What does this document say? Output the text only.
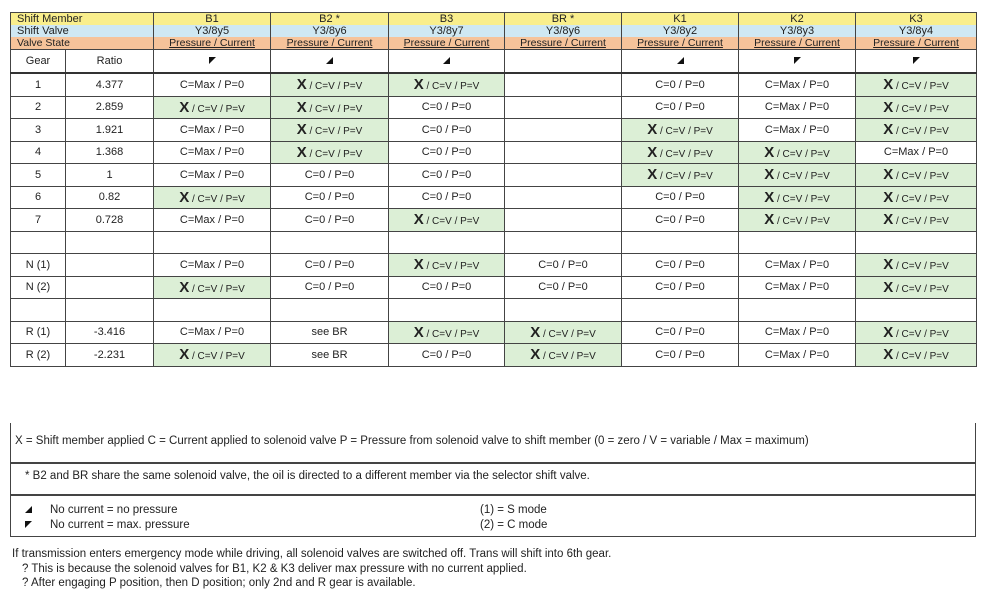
Shift Member		B1	B2 *	B3	BR *	K1	K2	K3
Shift Valve		Y3/8y5	Y3/8y6	Y3/8y7	Y3/8y6	Y3/8y2	Y3/8y3	Y3/8y4
Valve State		Pressure / Current	Pressure / Current	Pressure / Current	Pressure / Current	Pressure / Current	Pressure / Current	Pressure / Current
Gear	Ratio							
1	4.377	C=Max / P=0	X / C=V / P=V	X / C=V / P=V		C=0 / P=0	C=Max / P=0	X / C=V / P=V
2	2.859	X / C=V / P=V	X / C=V / P=V	C=0 / P=0		C=0 / P=0	C=Max / P=0	X / C=V / P=V
3	1.921	C=Max / P=0	X / C=V / P=V	C=0 / P=0		X / C=V / P=V	C=Max / P=0	X / C=V / P=V
4	1.368	C=Max / P=0	X / C=V / P=V	C=0 / P=0		X / C=V / P=V	X / C=V / P=V	C=Max / P=0
5	1	C=Max / P=0	C=0 / P=0	C=0 / P=0		X / C=V / P=V	X / C=V / P=V	X / C=V / P=V
6	0.82	X / C=V / P=V	C=0 / P=0	C=0 / P=0		C=0 / P=0	X / C=V / P=V	X / C=V / P=V
7	0.728	C=Max / P=0	C=0 / P=0	X / C=V / P=V		C=0 / P=0	X / C=V / P=V	X / C=V / P=V

N (1)		C=Max / P=0	C=0 / P=0	X / C=V / P=V	C=0 / P=0	C=0 / P=0	C=Max / P=0	X / C=V / P=V
N (2)		X / C=V / P=V	C=0 / P=0	C=0 / P=0	C=0 / P=0	C=0 / P=0	C=Max / P=0	X / C=V / P=V

R (1)	-3.416	C=Max / P=0	see BR	X / C=V / P=V	X / C=V / P=V	C=0 / P=0	C=Max / P=0	X / C=V / P=V
R (2)	-2.231	X / C=V / P=V	see BR	C=0 / P=0	X / C=V / P=V	C=0 / P=0	C=Max / P=0	X / C=V / P=V
X = Shift member applied C = Current applied to solenoid valve P = Pressure from solenoid valve to shift member (0 = zero / V = variable / Max = maximum)
* B2 and BR share the same solenoid valve, the oil is directed to a different member via the selector shift valve.
No current = no pressure	(1) = S mode
No current = max. pressure	(2) = C mode
If transmission enters emergency mode while driving, all solenoid valves are switched off. Trans will shift into 6th gear.
? This is because the solenoid valves for B1, K2 & K3 deliver max pressure with no current applied.
? After engaging P position, then D position; only 2nd and R gear is available.
